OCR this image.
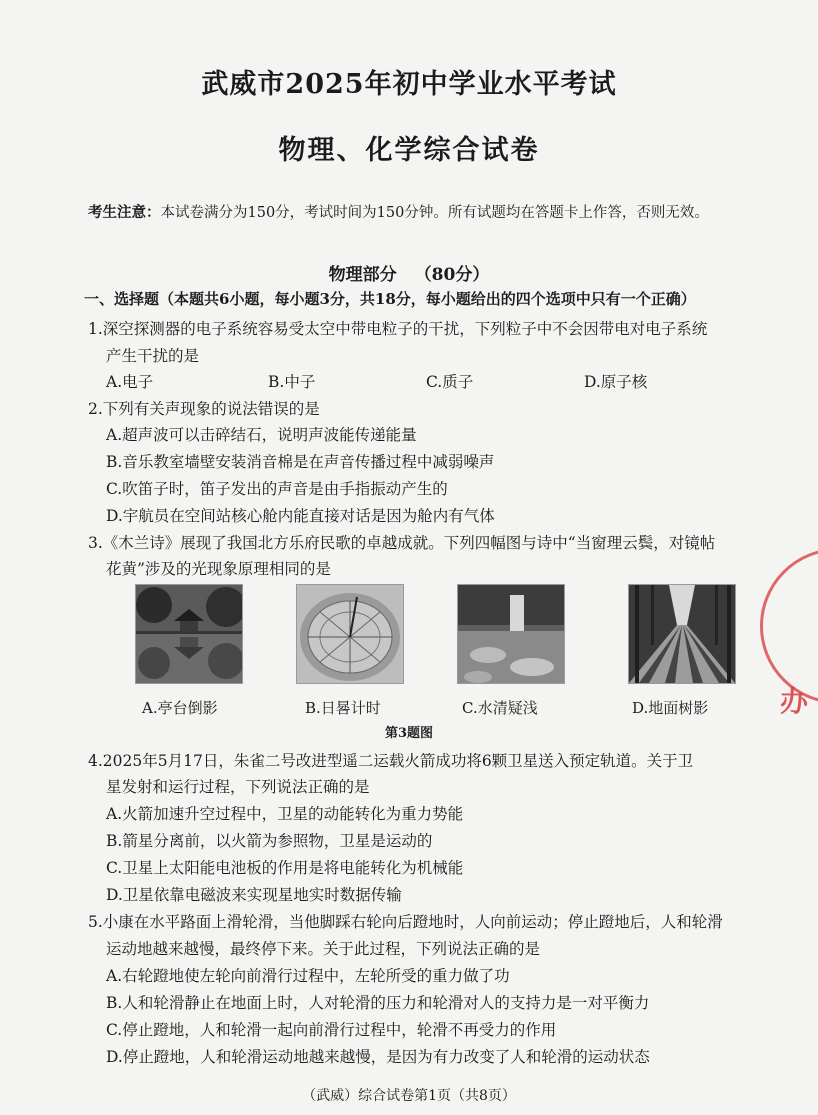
武威市2025年初中学业水平考试
物理、化学综合试卷
考生注意：本试卷满分为150分，考试时间为150分钟。所有试题均在答题卡上作答，否则无效。
物理部分 （80分）
一、选择题（本题共6小题，每小题3分，共18分，每小题给出的四个选项中只有一个正确）
1.深空探测器的电子系统容易受太空中带电粒子的干扰，下列粒子中不会因带电对电子系统
产生干扰的是
A.电子	B.中子	C.质子	D.原子核
2.下列有关声现象的说法错误的是
A.超声波可以击碎结石，说明声波能传递能量
B.音乐教室墙壁安装消音棉是在声音传播过程中减弱噪声
C.吹笛子时，笛子发出的声音是由手指振动产生的
D.宇航员在空间站核心舱内能直接对话是因为舱内有气体
3.《木兰诗》展现了我国北方乐府民歌的卓越成就。下列四幅图与诗中“当窗理云鬓，对镜帖
花黄”涉及的光现象原理相同的是
A.亭台倒影	B.日晷计时	C.水清疑浅	D.地面树影
第3题图
4.2025年5月17日，朱雀二号改进型遥二运载火箭成功将6颗卫星送入预定轨道。关于卫
星发射和运行过程，下列说法正确的是
A.火箭加速升空过程中，卫星的动能转化为重力势能
B.箭星分离前，以火箭为参照物，卫星是运动的
C.卫星上太阳能电池板的作用是将电能转化为机械能
D.卫星依靠电磁波来实现星地实时数据传输
5.小康在水平路面上滑轮滑，当他脚踩右轮向后蹬地时，人向前运动；停止蹬地后，人和轮滑
运动地越来越慢，最终停下来。关于此过程，下列说法正确的是
A.右轮蹬地使左轮向前滑行过程中，左轮所受的重力做了功
B.人和轮滑静止在地面上时，人对轮滑的压力和轮滑对人的支持力是一对平衡力
C.停止蹬地，人和轮滑一起向前滑行过程中，轮滑不再受力的作用
D.停止蹬地，人和轮滑运动地越来越慢，是因为有力改变了人和轮滑的运动状态
（武威）综合试卷第1页（共8页）
办
